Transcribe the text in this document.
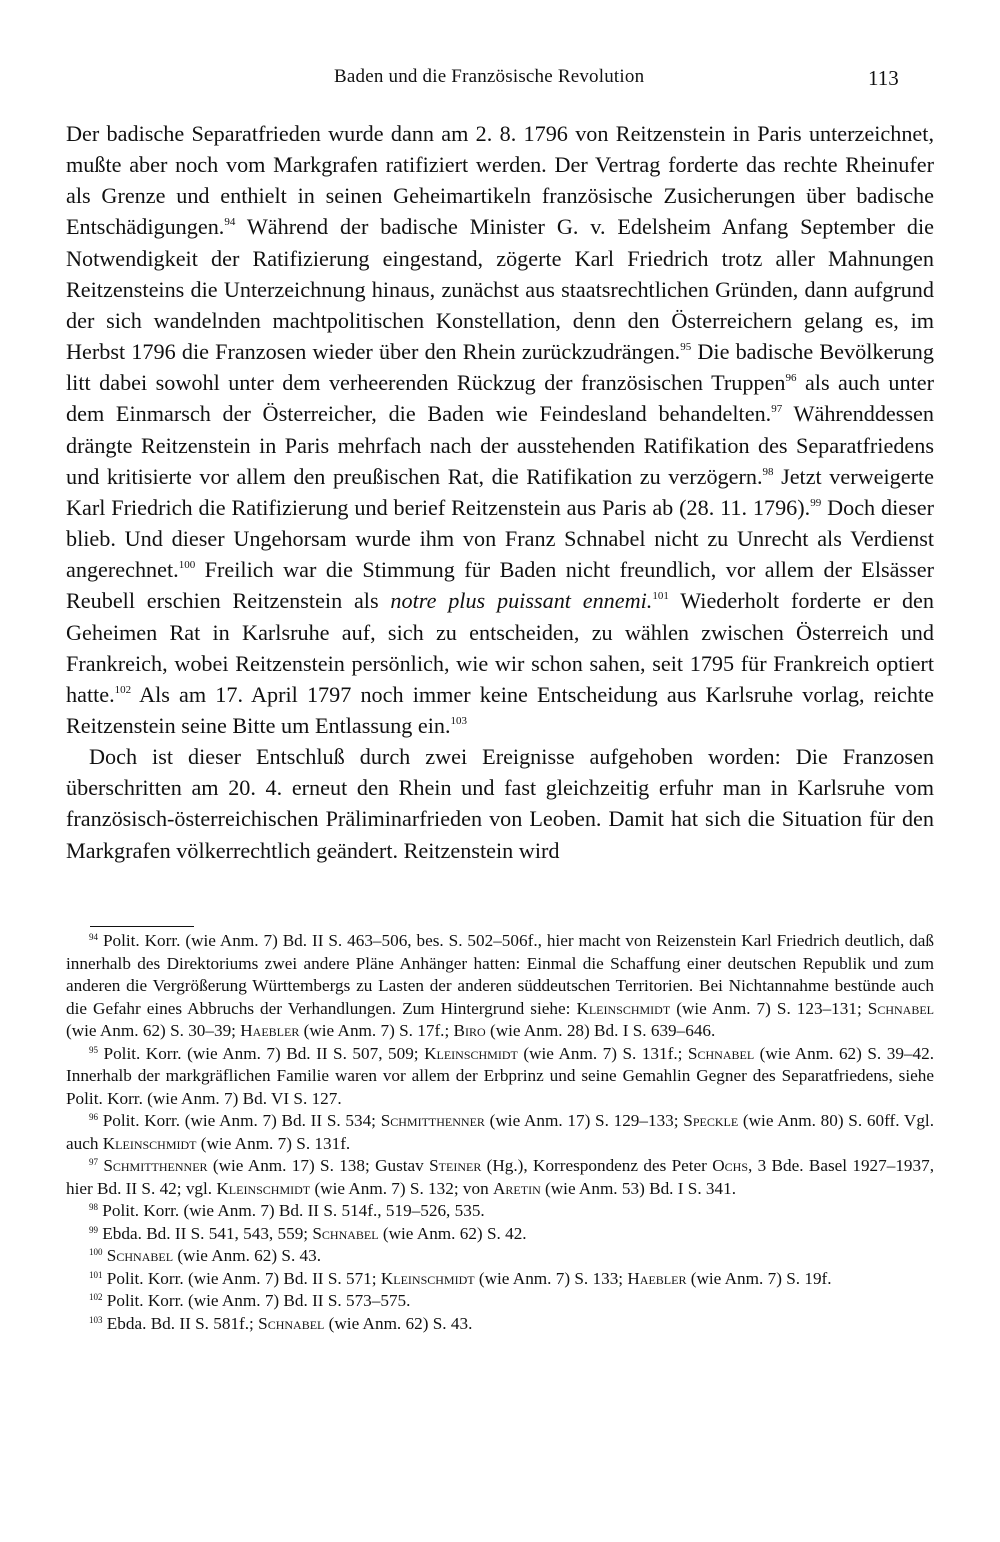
Baden und die Französische Revolution	113

Der badische Separatfrieden wurde dann am 2. 8. 1796 von Reitzenstein in Paris unterzeichnet, mußte aber noch vom Markgrafen ratifiziert werden. Der Vertrag forderte das rechte Rheinufer als Grenze und enthielt in seinen Geheimartikeln französische Zusicherungen über badische Entschädigungen.$^{94}$ Während der badische Minister G. v. Edelsheim Anfang September die Notwendigkeit der Ratifizierung eingestand, zögerte Karl Friedrich trotz aller Mahnungen Reitzensteins die Unterzeichnung hinaus, zunächst aus staatsrechtlichen Gründen, dann aufgrund der sich wandelnden machtpolitischen Konstellation, denn den Österreichern gelang es, im Herbst 1796 die Franzosen wieder über den Rhein zurückzudrängen.$^{95}$ Die badische Bevölkerung litt dabei sowohl unter dem verheerenden Rückzug der französischen Truppen$^{96}$ als auch unter dem Einmarsch der Österreicher, die Baden wie Feindesland behandelten.$^{97}$ Währenddessen drängte Reitzenstein in Paris mehrfach nach der ausstehenden Ratifikation des Separatfriedens und kritisierte vor allem den preußischen Rat, die Ratifikation zu verzögern.$^{98}$ Jetzt verweigerte Karl Friedrich die Ratifizierung und berief Reitzenstein aus Paris ab (28. 11. 1796).$^{99}$ Doch dieser blieb. Und dieser Ungehorsam wurde ihm von Franz Schnabel nicht zu Unrecht als Verdienst angerechnet.$^{100}$ Freilich war die Stimmung für Baden nicht freundlich, vor allem der Elsässer Reubell erschien Reitzenstein als notre plus puissant ennemi.$^{101}$ Wiederholt forderte er den Geheimen Rat in Karlsruhe auf, sich zu entscheiden, zu wählen zwischen Österreich und Frankreich, wobei Reitzenstein persönlich, wie wir schon sahen, seit 1795 für Frankreich optiert hatte.$^{102}$ Als am 17. April 1797 noch immer keine Entscheidung aus Karlsruhe vorlag, reichte Reitzenstein seine Bitte um Entlassung ein.$^{103}$

Doch ist dieser Entschluß durch zwei Ereignisse aufgehoben worden: Die Franzosen überschritten am 20. 4. erneut den Rhein und fast gleichzeitig erfuhr man in Karlsruhe vom französisch-österreichischen Präliminarfrieden von Leoben. Damit hat sich die Situation für den Markgrafen völkerrechtlich geändert. Reitzenstein wird

$^{94}$ Polit. Korr. (wie Anm. 7) Bd. II S. 463–506, bes. S. 502–506f., hier macht von Reizenstein Karl Friedrich deutlich, daß innerhalb des Direktoriums zwei andere Pläne Anhänger hatten: Einmal die Schaffung einer deutschen Republik und zum anderen die Vergrößerung Württembergs zu Lasten der anderen süddeutschen Territorien. Bei Nichtannahme bestünde auch die Gefahr eines Abbruchs der Verhandlungen. Zum Hintergrund siehe: Kleinschmidt (wie Anm. 7) S. 123–131; Schnabel (wie Anm. 62) S. 30–39; Haebler (wie Anm. 7) S. 17f.; Biro (wie Anm. 28) Bd. I S. 639–646.

$^{95}$ Polit. Korr. (wie Anm. 7) Bd. II S. 507, 509; Kleinschmidt (wie Anm. 7) S. 131f.; Schnabel (wie Anm. 62) S. 39–42. Innerhalb der markgräflichen Familie waren vor allem der Erbprinz und seine Gemahlin Gegner des Separatfriedens, siehe Polit. Korr. (wie Anm. 7) Bd. VI S. 127.

$^{96}$ Polit. Korr. (wie Anm. 7) Bd. II S. 534; Schmitthenner (wie Anm. 17) S. 129–133; Speckle (wie Anm. 80) S. 60ff. Vgl. auch Kleinschmidt (wie Anm. 7) S. 131f.

$^{97}$ Schmitthenner (wie Anm. 17) S. 138; Gustav Steiner (Hg.), Korrespondenz des Peter Ochs, 3 Bde. Basel 1927–1937, hier Bd. II S. 42; vgl. Kleinschmidt (wie Anm. 7) S. 132; von Aretin (wie Anm. 53) Bd. I S. 341.

$^{98}$ Polit. Korr. (wie Anm. 7) Bd. II S. 514f., 519–526, 535.

$^{99}$ Ebda. Bd. II S. 541, 543, 559; Schnabel (wie Anm. 62) S. 42.

$^{100}$ Schnabel (wie Anm. 62) S. 43.

$^{101}$ Polit. Korr. (wie Anm. 7) Bd. II S. 571; Kleinschmidt (wie Anm. 7) S. 133; Haebler (wie Anm. 7) S. 19f.

$^{102}$ Polit. Korr. (wie Anm. 7) Bd. II S. 573–575.

$^{103}$ Ebda. Bd. II S. 581f.; Schnabel (wie Anm. 62) S. 43.
